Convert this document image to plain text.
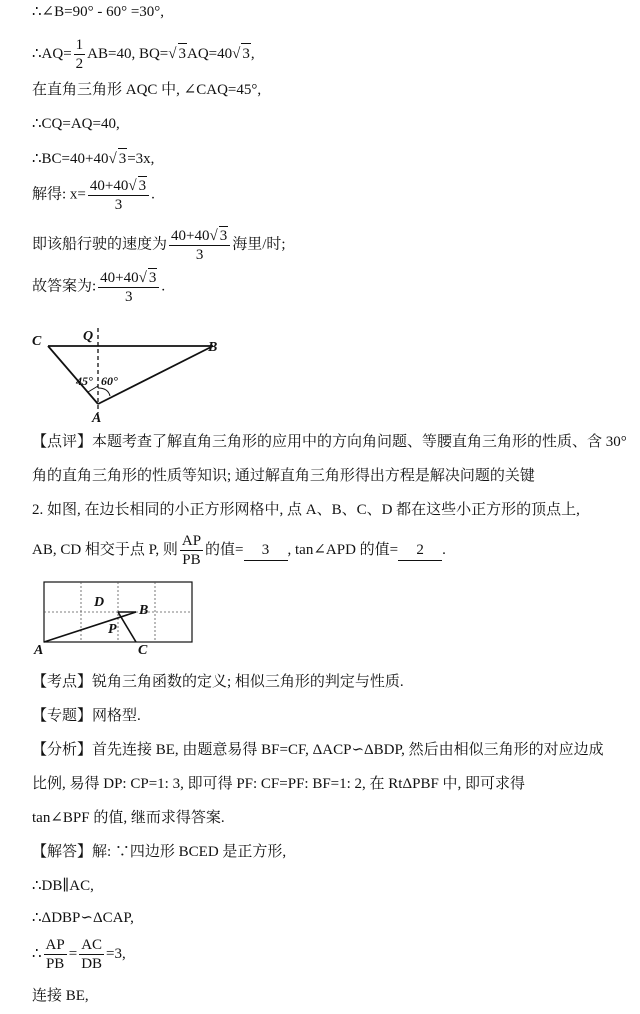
∴∠B=90° - 60° =30°,
∴AQ= $\frac{1}{2} AB=40$, BQ=√ 3AQ=40√ 3,
在直角三角形 AQC 中, ∠CAQ=45°,
∴CQ=AQ=40,
∴BC=40+40√ 3=3x,
解得: $x= \frac{40+40√ 3}{3}$ .
即该船行驶的速度为 $\frac{40+40√ 3}{3}$ 海里/时;
故答案为: $\frac{40+40√ 3}{3}$ .
C	Q
B
A
45° 60°
【点评】本题考查了解直角三角形的应用中的方向角问题、等腰直角三角形的性质、含 30°
角的直角三角形的性质等知识; 通过解直角三角形得出方程是解决问题的关键
2. 如图, 在边长相同的小正方形网格中, 点 A、B、C、D 都在这些小正方形的顶点上,
AB, CD 相交于点 P, 则 $\frac{AP}{PB}$ 的值= 3 , tan∠APD 的值= 2 .
A
B
C
D
P
【考点】锐角三角函数的定义; 相似三角形的判定与性质.
【专题】网格型.
【分析】首先连接 BE, 由题意易得 BF=CF, ΔACP∽ΔBDP, 然后由相似三角形的对应边成
比例, 易得 DP: CP=1: 3, 即可得 PF: CF=PF: BF=1: 2, 在 RtΔPBF 中, 即可求得
tan∠BPF 的值, 继而求得答案.
【解答】解: ∵四边形 BCED 是正方形,
∴DB∥AC,
∴ΔDBP∽ΔCAP,
∴ $\frac{AP}{PB} = \frac{AC}{DB} =3$,
连接 BE,
